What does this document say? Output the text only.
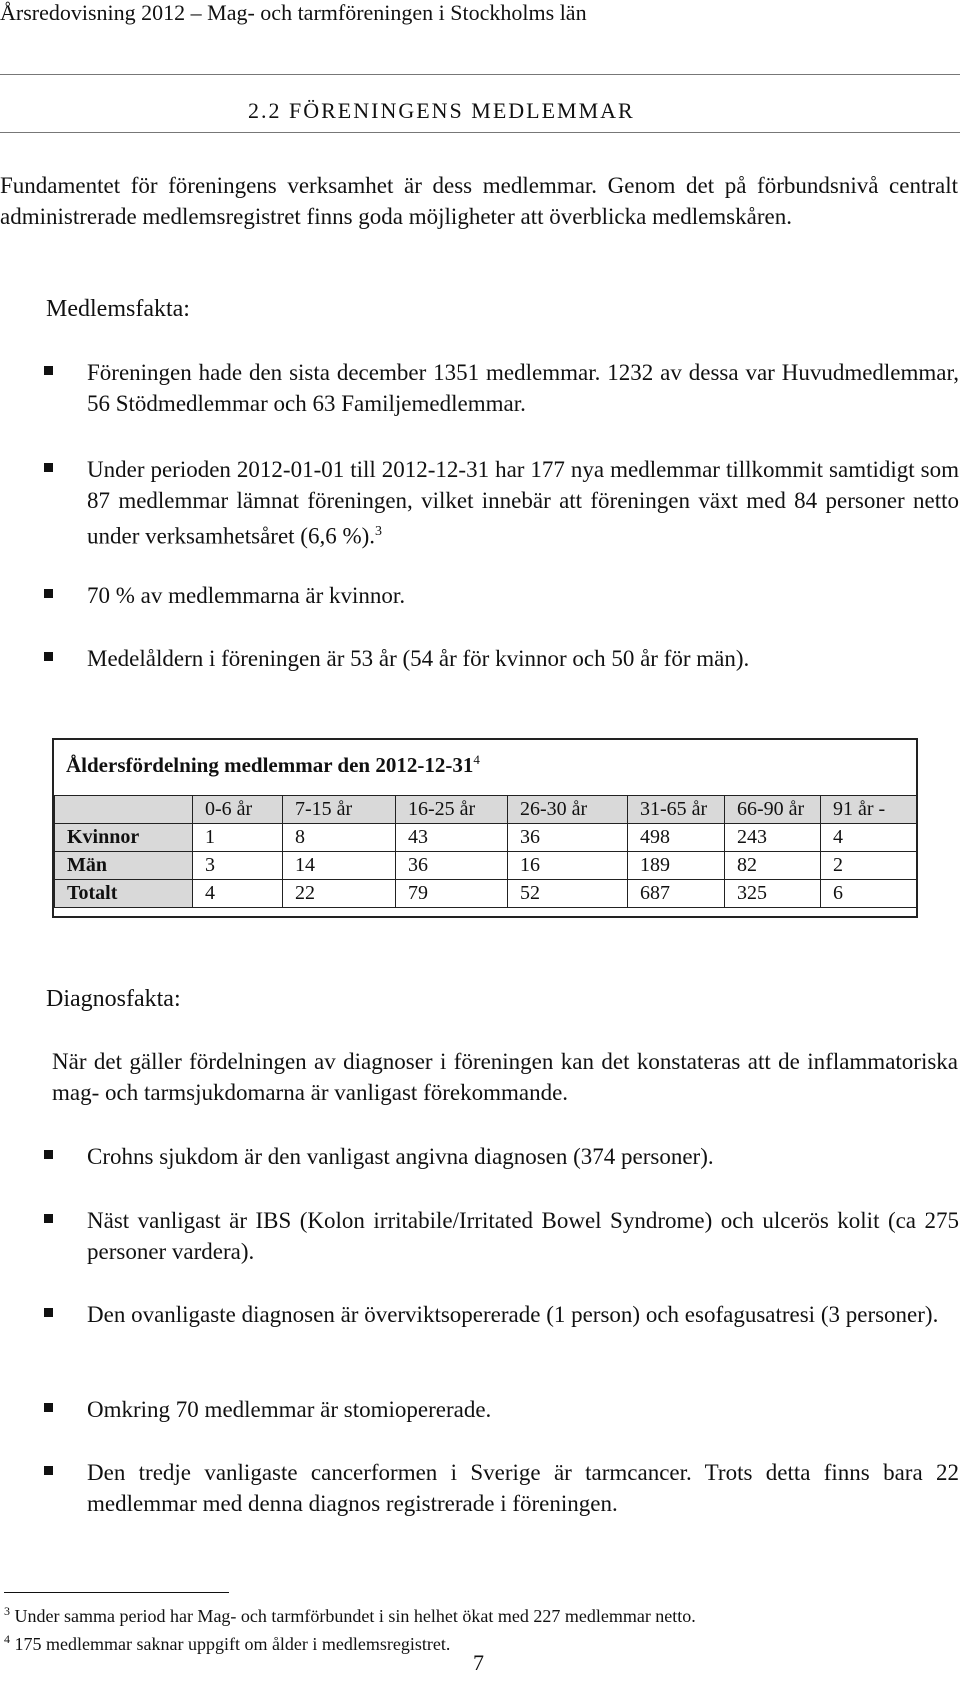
Årsredovisning 2012 – Mag- och tarmföreningen i Stockholms län
2.2 FÖRENINGENS MEDLEMMAR
Fundamentet för föreningens verksamhet är dess medlemmar. Genom det på förbundsnivå centralt administrerade medlemsregistret finns goda möjligheter att överblicka medlemskåren.
Medlemsfakta:
Föreningen hade den sista december 1351 medlemmar. 1232 av dessa var Huvudmedlemmar, 56 Stödmedlemmar och 63 Familjemedlemmar.
Under perioden 2012-01-01 till 2012-12-31 har 177 nya medlemmar tillkommit samtidigt som 87 medlemmar lämnat föreningen, vilket innebär att föreningen växt med 84 personer netto under verksamhetsåret (6,6 %).$^3$
70 % av medlemmarna är kvinnor.
Medelåldern i föreningen är 53 år (54 år för kvinnor och 50 år för män).
Åldersfördelning medlemmar den $2012-12-31^4$
	0-6 år	7-15 år	16-25 år	26-30 år	31-65 år	66-90 år	91 år -
Kvinnor	1	8	43	36	498	243	4
Män	3	14	36	16	189	82	2
Totalt	4	22	79	52	687	325	6
Diagnosfakta:
När det gäller fördelningen av diagnoser i föreningen kan det konstateras att de inflammatoriska mag- och tarmsjukdomarna är vanligast förekommande.
Crohns sjukdom är den vanligast angivna diagnosen (374 personer).
Näst vanligast är IBS (Kolon irritabile/Irritated Bowel Syndrome) och ulcerös kolit (ca 275 personer vardera).
Den ovanligaste diagnosen är överviktsopererade (1 person) och esofagusatresi (3 personer).
Omkring 70 medlemmar är stomiopererade.
Den tredje vanligaste cancerformen i Sverige är tarmcancer. Trots detta finns bara 22 medlemmar med denna diagnos registrerade i föreningen.
$^3$ Under samma period har Mag- och tarmförbundet i sin helhet ökat med 227 medlemmar netto.
$^4$ 175 medlemmar saknar uppgift om ålder i medlemsregistret.
7
